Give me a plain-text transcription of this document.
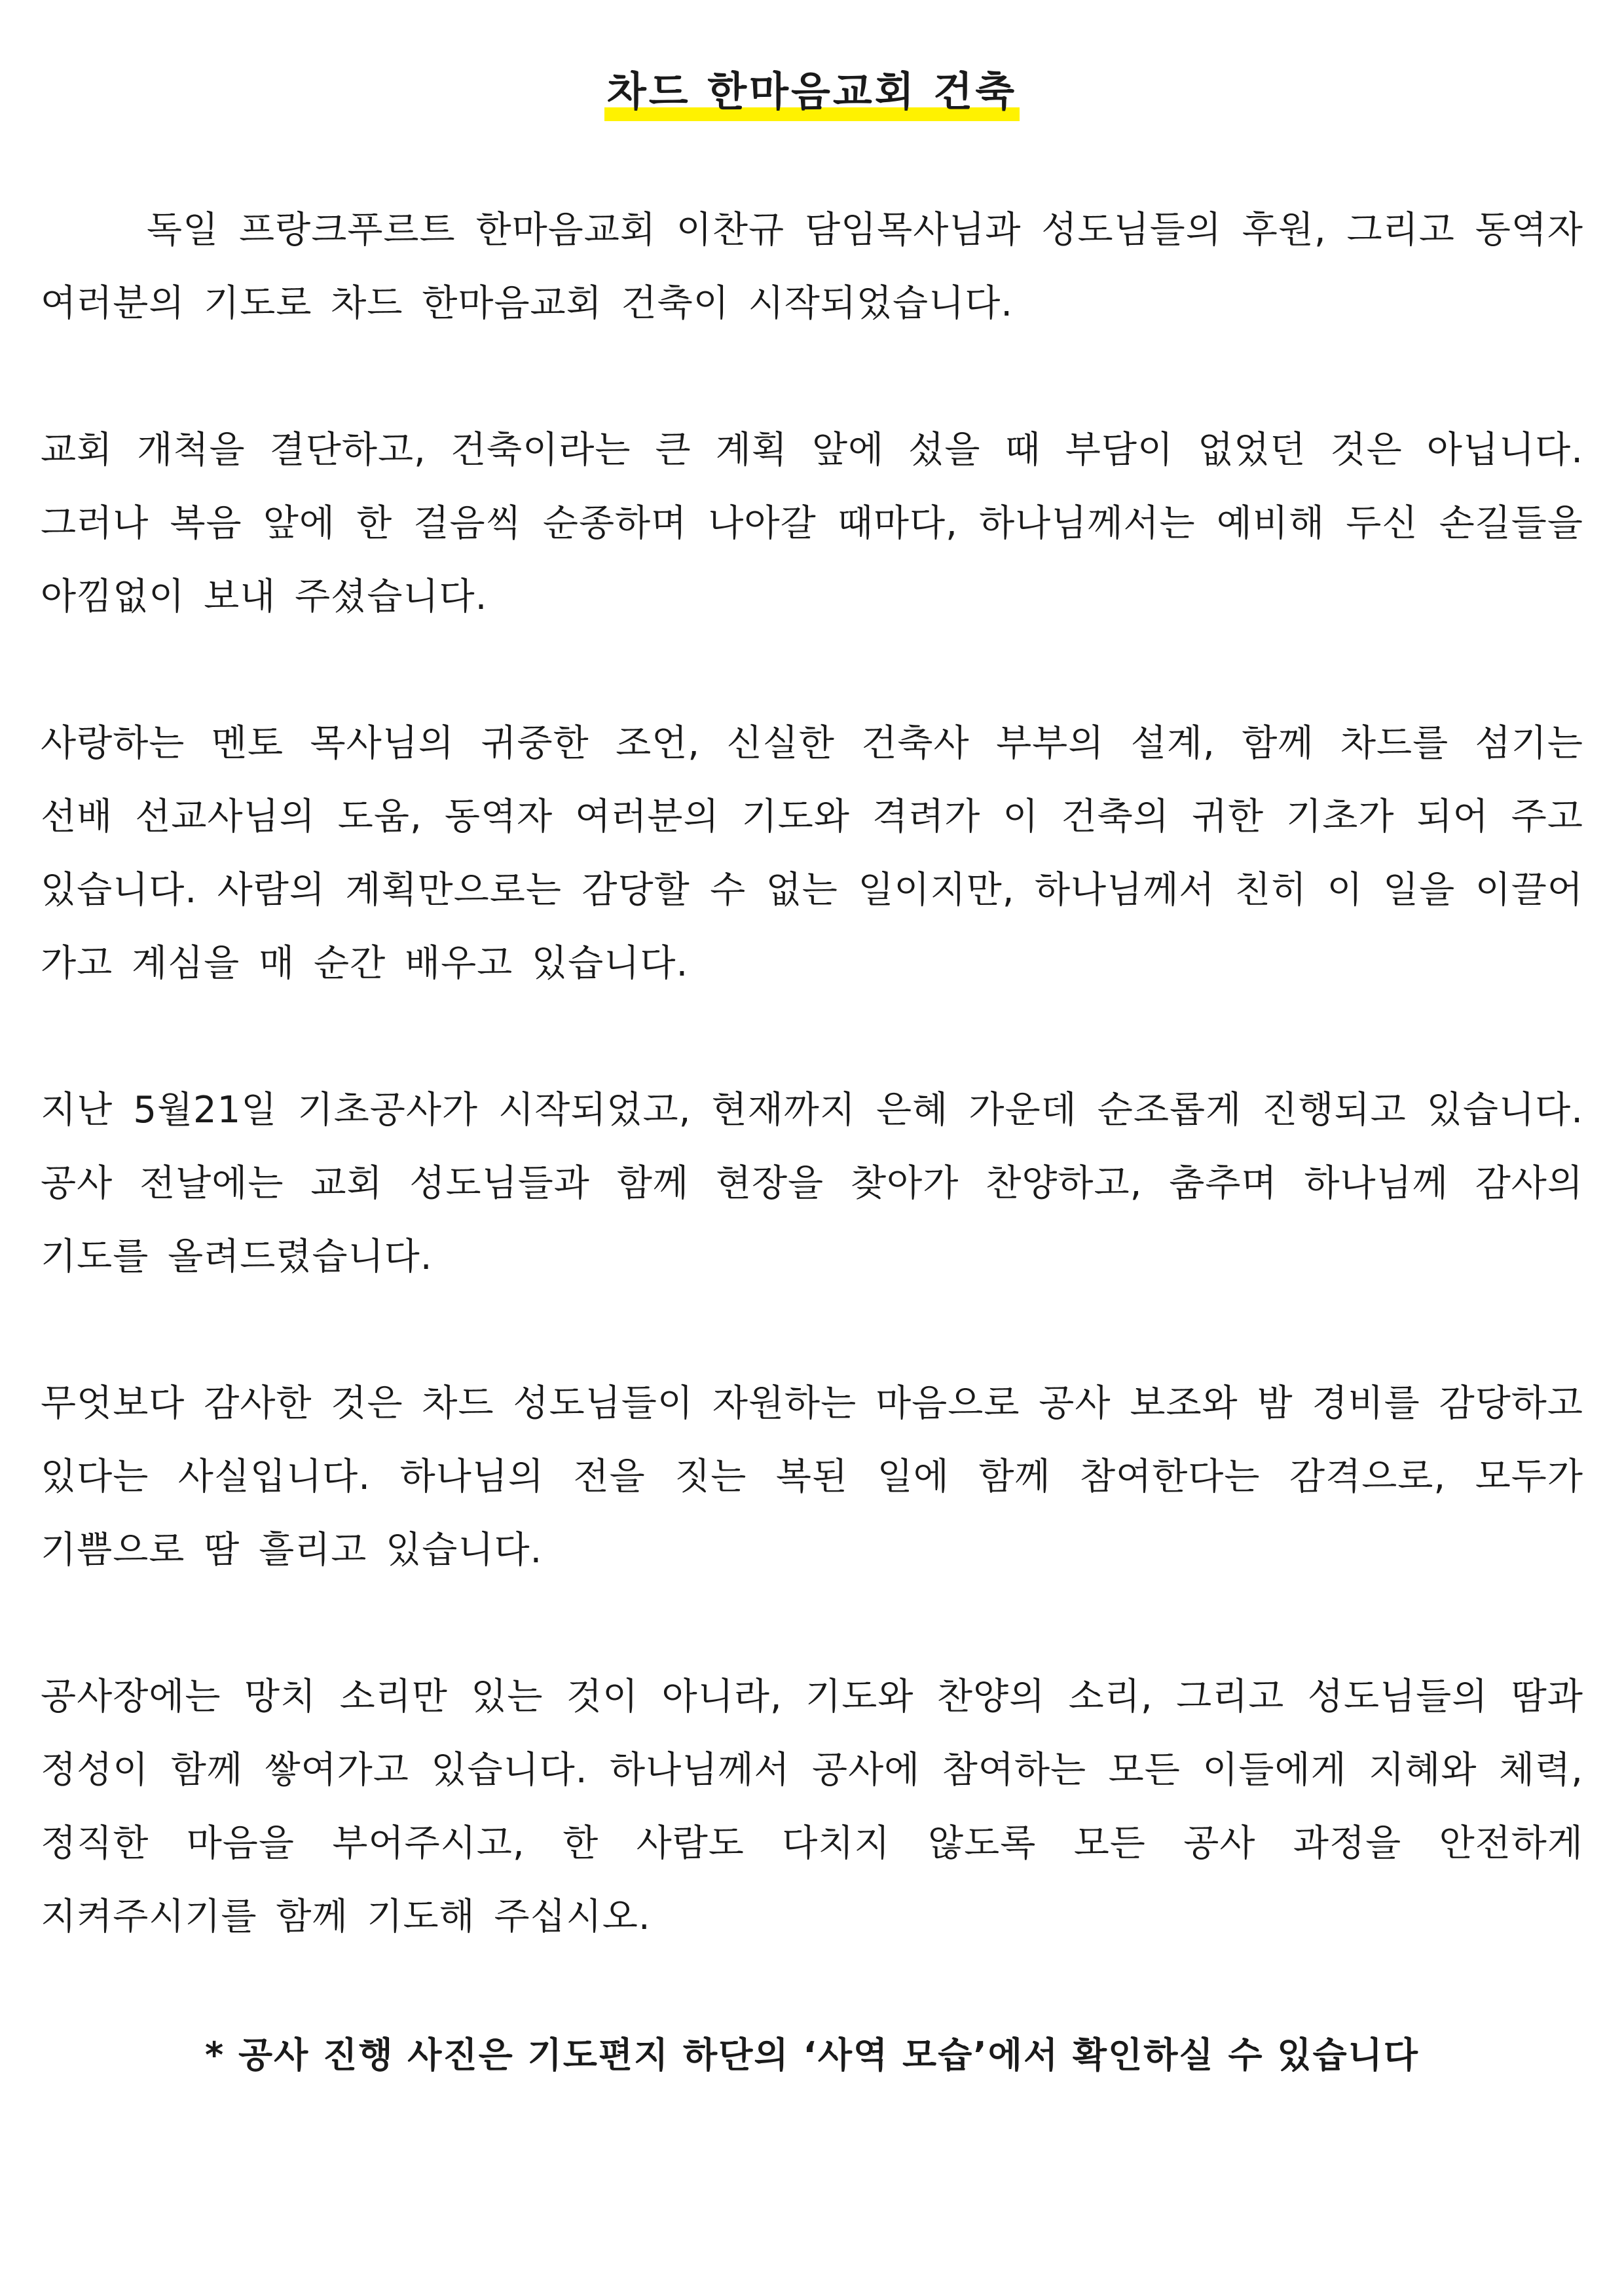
차드 한마음교회 건축

독일 프랑크푸르트 한마음교회 이찬규 담임목사님과 성도님들의 후원, 그리고 동역자 여러분의 기도로 차드 한마음교회 건축이 시작되었습니다.

교회 개척을 결단하고, 건축이라는 큰 계획 앞에 섰을 때 부담이 없었던 것은 아닙니다. 그러나 복음 앞에 한 걸음씩 순종하며 나아갈 때마다, 하나님께서는 예비해 두신 손길들을 아낌없이 보내 주셨습니다.

사랑하는 멘토 목사님의 귀중한 조언, 신실한 건축사 부부의 설계, 함께 차드를 섬기는 선배 선교사님의 도움, 동역자 여러분의 기도와 격려가 이 건축의 귀한 기초가 되어 주고 있습니다. 사람의 계획만으로는 감당할 수 없는 일이지만, 하나님께서 친히 이 일을 이끌어 가고 계심을 매 순간 배우고 있습니다.

지난 5월21일 기초공사가 시작되었고, 현재까지 은혜 가운데 순조롭게 진행되고 있습니다. 공사 전날에는 교회 성도님들과 함께 현장을 찾아가 찬양하고, 춤추며 하나님께 감사의 기도를 올려드렸습니다.

무엇보다 감사한 것은 차드 성도님들이 자원하는 마음으로 공사 보조와 밤 경비를 감당하고 있다는 사실입니다. 하나님의 전을 짓는 복된 일에 함께 참여한다는 감격으로, 모두가 기쁨으로 땀 흘리고 있습니다.

공사장에는 망치 소리만 있는 것이 아니라, 기도와 찬양의 소리, 그리고 성도님들의 땀과 정성이 함께 쌓여가고 있습니다. 하나님께서 공사에 참여하는 모든 이들에게 지혜와 체력, 정직한 마음을 부어주시고, 한 사람도 다치지 않도록 모든 공사 과정을 안전하게 지켜주시기를 함께 기도해 주십시오.

* 공사 진행 사진은 기도편지 하단의 ‘사역 모습’에서 확인하실 수 있습니다
